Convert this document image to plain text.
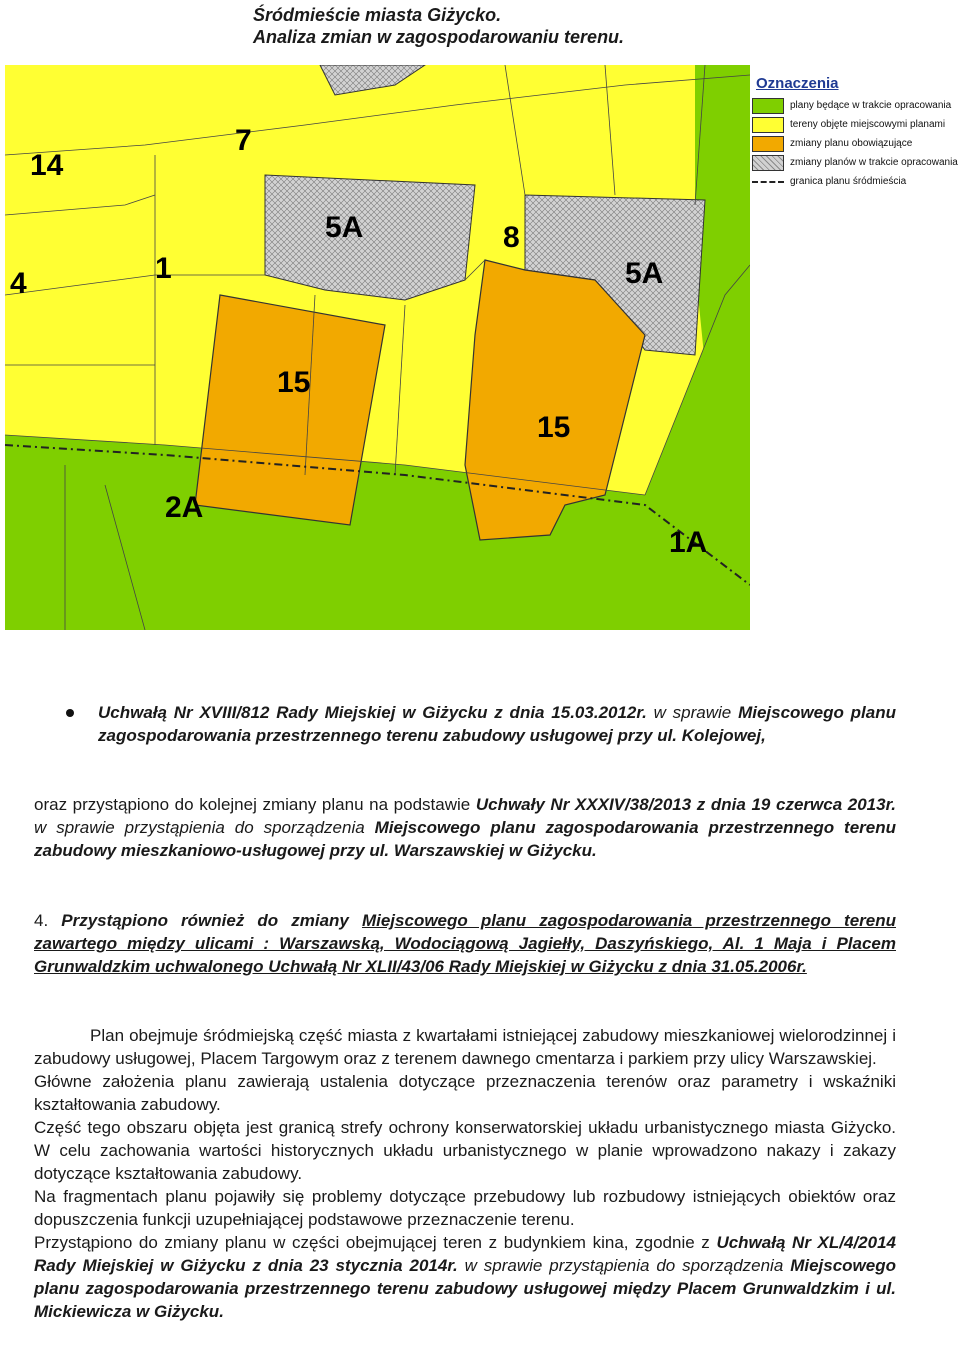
Śródmieście miasta Giżycko.
Analiza zmian w zagospodarowaniu terenu.
14
7
5A	8
5A
4	1
15
15
2A
1A
Oznaczenia
plany będące w trakcie opracowania
tereny objęte miejscowymi planami
zmiany planu obowiązujące
zmiany planów w trakcie opracowania
granica planu śródmieścia

Uchwałą Nr XVIII/812 Rady Miejskiej w Giżycku z dnia 15.03.2012r. w sprawie Miejscowego planu zagospodarowania przestrzennego terenu zabudowy usługowej przy ul. Kolejowej,

oraz przystąpiono do kolejnej zmiany planu na podstawie Uchwały Nr XXXIV/38/2013 z dnia 19 czerwca 2013r. w sprawie przystąpienia do sporządzenia Miejscowego planu zagospodarowania przestrzennego terenu zabudowy mieszkaniowo-usługowej przy ul. Warszawskiej w Giżycku.

4. Przystąpiono również do zmiany Miejscowego planu zagospodarowania przestrzennego terenu zawartego między ulicami : Warszawską, Wodociągową Jagiełły, Daszyńskiego, Al. 1 Maja i Placem Grunwaldzkim uchwalonego Uchwałą Nr XLII/43/06 Rady Miejskiej w Giżycku z dnia 31.05.2006r.

Plan obejmuje śródmiejską część miasta z kwartałami istniejącej zabudowy mieszkaniowej wielorodzinnej i zabudowy usługowej, Placem Targowym oraz z terenem dawnego cmentarza i parkiem przy ulicy Warszawskiej.

Główne założenia planu zawierają ustalenia dotyczące przeznaczenia terenów oraz parametry i wskaźniki kształtowania zabudowy.

Część tego obszaru objęta jest granicą strefy ochrony konserwatorskiej układu urbanistycznego miasta Giżycko. W celu zachowania wartości historycznych układu urbanistycznego w planie wprowadzono nakazy i zakazy dotyczące kształtowania zabudowy.

Na fragmentach planu pojawiły się problemy dotyczące przebudowy lub rozbudowy istniejących obiektów oraz dopuszczenia funkcji uzupełniającej podstawowe przeznaczenie terenu.

Przystąpiono do zmiany planu w części obejmującej teren z budynkiem kina, zgodnie z Uchwałą Nr XL/4/2014 Rady Miejskiej w Giżycku z dnia 23 stycznia 2014r. w sprawie przystąpienia do sporządzenia Miejscowego planu zagospodarowania przestrzennego terenu zabudowy usługowej między Placem Grunwaldzkim i ul. Mickiewicza w Giżycku.
